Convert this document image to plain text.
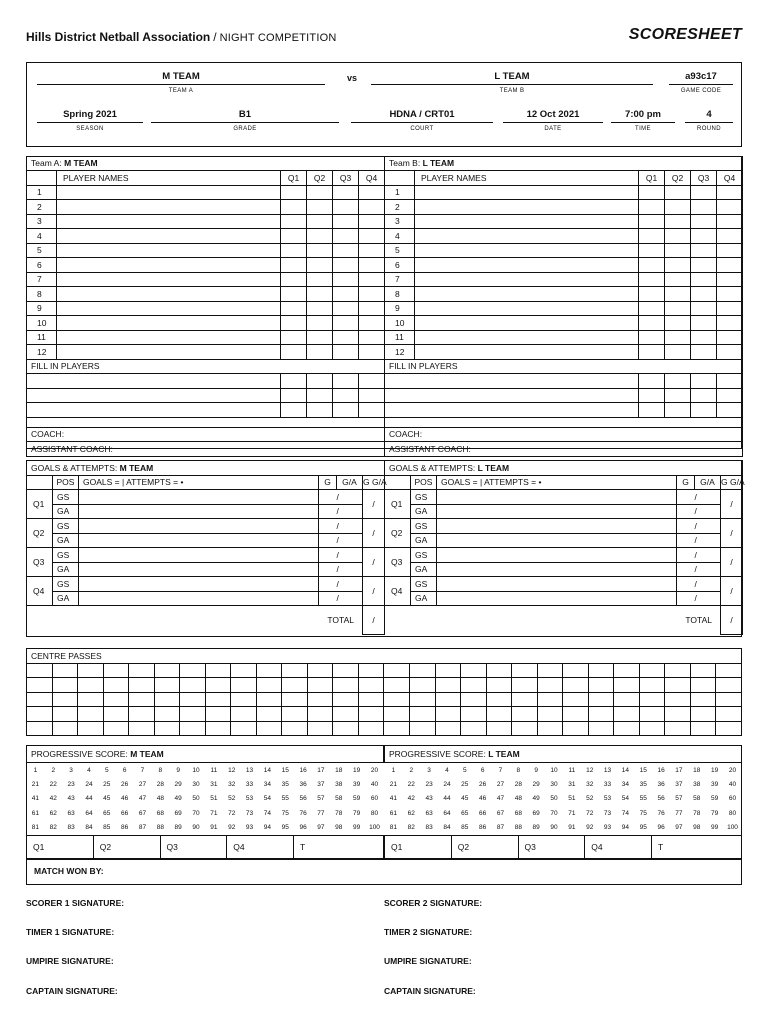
Hills District Netball Association / NIGHT COMPETITION	SCORESHEET
M TEAM
TEAM A
vs	L TEAM
TEAM B
a93c17
GAME CODE
Spring 2021
SEASON
B1
GRADE
HDNA / CRT01
COURT
12 Oct 2021
DATE
7:00 pm
TIME
4
ROUND
Team A: M TEAM					
	PLAYER NAMES	Q1	Q2	Q3	Q4
1					
2					
3					
4					
5					
6					
7					
8					
9					
10					
11					
12					
FILL IN PLAYERS					

COACH:					
ASSISTANT COACH:					
Team B: L TEAM					
	PLAYER NAMES	Q1	Q2	Q3	Q4
1					
2					
3					
4					
5					
6					
7					
8					
9					
10					
11					
12					
FILL IN PLAYERS					

COACH:					
ASSISTANT COACH:					
GOALS & ATTEMPTS: M TEAM					
	POS	GOALS = | ATTEMPTS = •	G	G/A	G G/A
Q1	GS			/	/
	GA			/	
Q2	GS			/	/
	GA			/	
Q3	GS			/	/
	GA			/	
Q4	GS			/	/
	GA			/	
			TOTAL		/
GOALS & ATTEMPTS: L TEAM					
	POS	GOALS = | ATTEMPTS = •	G	G/A	G G/A
Q1	GS			/	/
	GA			/	
Q2	GS			/	/
	GA			/	
Q3	GS			/	/
	GA			/	
Q4	GS			/	/
	GA			/	
			TOTAL		/
CENTRE PASSES																											

PROGRESSIVE SCORE: M TEAM																			
1	2	3	4	5	6	7	8	9	10	11	12	13	14	15	16	17	18	19	20
21	22	23	24	25	26	27	28	29	30	31	32	33	34	35	36	37	38	39	40
41	42	43	44	45	46	47	48	49	50	51	52	53	54	55	56	57	58	59	60
61	62	63	64	65	66	67	68	69	70	71	72	73	74	75	76	77	78	79	80
81	82	83	84	85	86	87	88	89	90	91	92	93	94	95	96	97	98	99	100
PROGRESSIVE SCORE: L TEAM																			
1	2	3	4	5	6	7	8	9	10	11	12	13	14	15	16	17	18	19	20
21	22	23	24	25	26	27	28	29	30	31	32	33	34	35	36	37	38	39	40
41	42	43	44	45	46	47	48	49	50	51	52	53	54	55	56	57	58	59	60
61	62	63	64	65	66	67	68	69	70	71	72	73	74	75	76	77	78	79	80
81	82	83	84	85	86	87	88	89	90	91	92	93	94	95	96	97	98	99	100
Q1	Q2	Q3	Q4	T	Q1	Q2	Q3	Q4	T
MATCH WON BY:
SCORER 1 SIGNATURE:	SCORER 2 SIGNATURE:
TIMER 1 SIGNATURE:	TIMER 2 SIGNATURE:
UMPIRE SIGNATURE:	UMPIRE SIGNATURE:
CAPTAIN SIGNATURE:	CAPTAIN SIGNATURE:
